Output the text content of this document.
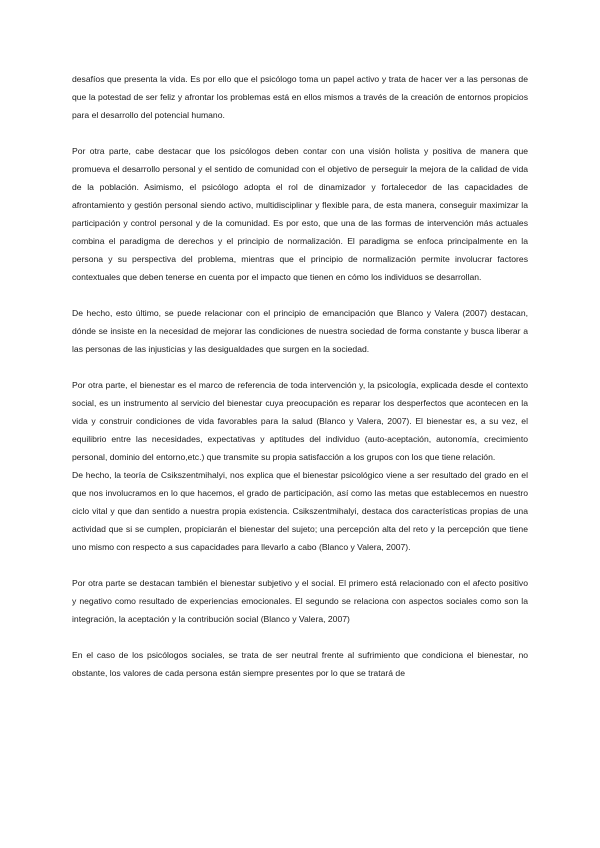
desafíos que presenta la vida. Es por ello que el psicólogo toma un papel activo y trata de hacer ver a las personas de que la potestad de ser feliz y afrontar los problemas está en ellos mismos a través de la creación de entornos propicios para el desarrollo del potencial humano.

Por otra parte, cabe destacar que los psicólogos deben contar con una visión holista y positiva de manera que promueva el desarrollo personal y el sentido de comunidad con el objetivo de perseguir la mejora de la calidad de vida de la población. Asimismo, el psicólogo adopta el rol de dinamizador y fortalecedor de las capacidades de afrontamiento y gestión personal siendo activo, multidisciplinar y flexible para, de esta manera, conseguir maximizar la participación y control personal y de la comunidad. Es por esto, que una de las formas de intervención más actuales combina el paradigma de derechos y el principio de normalización. El paradigma se enfoca principalmente en la persona y su perspectiva del problema, mientras que el principio de normalización permite involucrar factores contextuales que deben tenerse en cuenta por el impacto que tienen en cómo los individuos se desarrollan.

De hecho, esto último, se puede relacionar con el principio de emancipación que Blanco y Valera (2007) destacan, dónde se insiste en la necesidad de mejorar las condiciones de nuestra sociedad de forma constante y busca liberar a las personas de las injusticias y las desigualdades que surgen en la sociedad.

Por otra parte, el bienestar es el marco de referencia de toda intervención y, la psicología, explicada desde el contexto social, es un instrumento al servicio del bienestar cuya preocupación es reparar los desperfectos que acontecen en la vida y construir condiciones de vida favorables para la salud (Blanco y Valera, 2007). El bienestar es, a su vez, el equilibrio entre las necesidades, expectativas y aptitudes del individuo (auto-aceptación, autonomía, crecimiento personal, dominio del entorno,etc.) que transmite su propia satisfacción a los grupos con los que tiene relación.

De hecho, la teoría de Csikszentmihalyi, nos explica que el bienestar psicológico viene a ser resultado del grado en el que nos involucramos en lo que hacemos, el grado de participación, así como las metas que establecemos en nuestro ciclo vital y que dan sentido a nuestra propia existencia. Csikszentmihalyi, destaca dos características propias de una actividad que si se cumplen, propiciarán el bienestar del sujeto; una percepción alta del reto y la percepción que tiene uno mismo con respecto a sus capacidades para llevarlo a cabo (Blanco y Valera, 2007).

Por otra parte se destacan también el bienestar subjetivo y el social. El primero está relacionado con el afecto positivo y negativo como resultado de experiencias emocionales. El segundo se relaciona con aspectos sociales como son la integración, la aceptación y la contribución social (Blanco y Valera, 2007)

En el caso de los psicólogos sociales, se trata de ser neutral frente al sufrimiento que condiciona el bienestar, no obstante, los valores de cada persona están siempre presentes por lo que se tratará de
